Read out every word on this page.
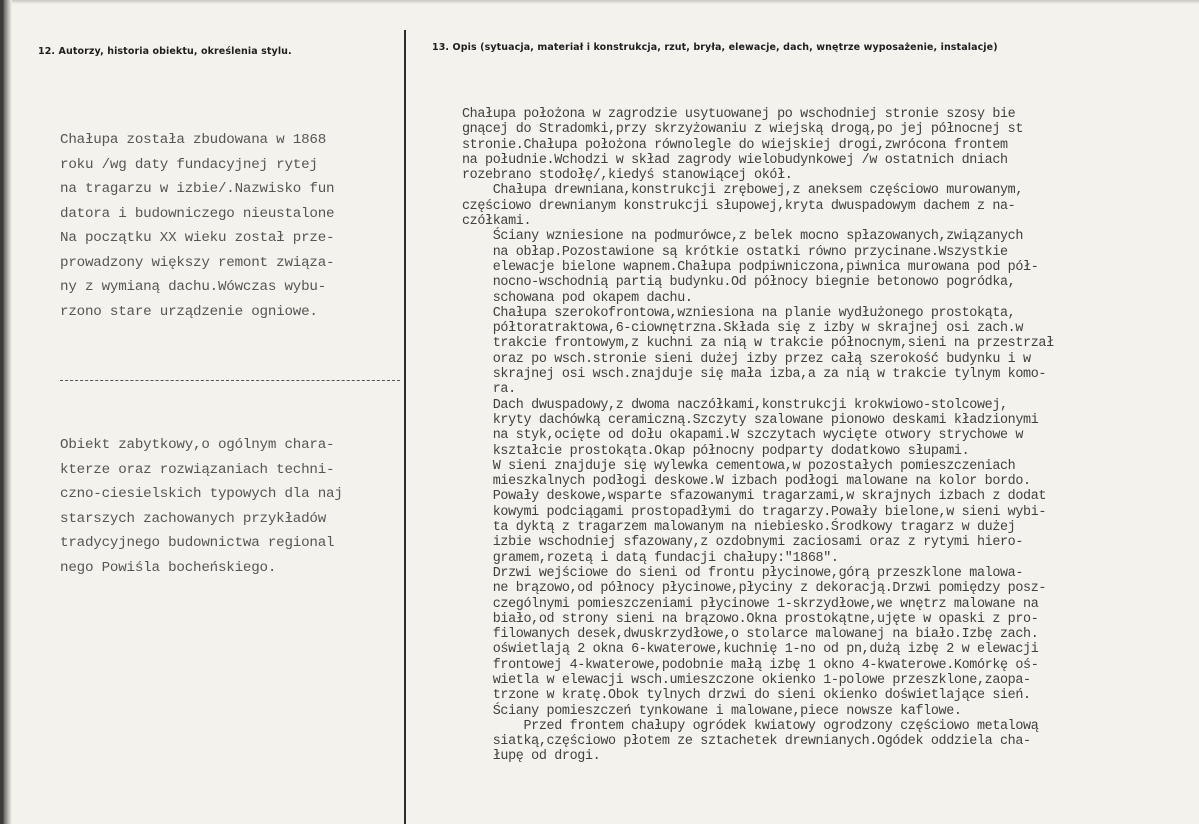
12. Autorzy, historia obiektu, określenia stylu.	13. Opis (sytuacja, materiał i konstrukcja, rzut, bryła, elewacje, dach, wnętrze wyposażenie, instalacje)
Chałupa została zbudowana w 1868
roku /wg daty fundacyjnej rytej
na tragarzu w izbie/.Nazwisko fun
datora i budowniczego nieustalone
Na początku XX wieku został prze-
prowadzony większy remont związa-
ny z wymianą dachu.Wówczas wybu-
rzono stare urządzenie ogniowe.
Obiekt zabytkowy,o ogólnym chara-
kterze oraz rozwiązaniach techni-
czno-ciesielskich typowych dla naj
starszych zachowanych przykładów
tradycyjnego budownictwa regional
nego Powiśla bocheńskiego.
Chałupa położona w zagrodzie usytuowanej po wschodniej stronie szosy bie
gnącej do Stradomki,przy skrzyżowaniu z wiejską drogą,po jej północnej st
stronie.Chałupa położona równolegle do wiejskiej drogi,zwrócona frontem
na południe.Wchodzi w skład zagrody wielobudynkowej /w ostatnich dniach
rozebrano stodołę/,kiedyś stanowiącej okół.
Chałupa drewniana,konstrukcji zrębowej,z aneksem częściowo murowanym,
częściowo drewnianym konstrukcji słupowej,kryta dwuspadowym dachem z na-
czółkami.
Ściany wzniesione na podmurówce,z belek mocno spłazowanych,związanych
na obłap.Pozostawione są krótkie ostatki równo przycinane.Wszystkie
elewacje bielone wapnem.Chałupa podpiwniczona,piwnica murowana pod pół-
nocno-wschodnią partią budynku.Od północy biegnie betonowo pogródka,
schowana pod okapem dachu.
Chałupa szerokofrontowa,wzniesiona na planie wydłużonego prostokąta,
półtoratraktowa,6-ciownętrzna.Składa się z izby w skrajnej osi zach.w
trakcie frontowym,z kuchni za nią w trakcie północnym,sieni na przestrzał
oraz po wsch.stronie sieni dużej izby przez całą szerokość budynku i w
skrajnej osi wsch.znajduje się mała izba,a za nią w trakcie tylnym komo-
ra.
Dach dwuspadowy,z dwoma naczółkami,konstrukcji krokwiowo-stolcowej,
kryty dachówką ceramiczną.Szczyty szalowane pionowo deskami kładzionymi
na styk,ocięte od dołu okapami.W szczytach wycięte otwory strychowe w
kształcie prostokąta.Okap północny podparty dodatkowo słupami.
W sieni znajduje się wylewka cementowa,w pozostałych pomieszczeniach
mieszkalnych podłogi deskowe.W izbach podłogi malowane na kolor bordo.
Powały deskowe,wsparte sfazowanymi tragarzami,w skrajnych izbach z dodat
kowymi podciągami prostopadłymi do tragarzy.Powały bielone,w sieni wybi-
ta dyktą z tragarzem malowanym na niebiesko.Środkowy tragarz w dużej
izbie wschodniej sfazowany,z ozdobnymi zaciosami oraz z rytymi hiero-
gramem,rozetą i datą fundacji chałupy:"1868".
Drzwi wejściowe do sieni od frontu płycinowe,górą przeszklone malowa-
ne brązowo,od północy płycinowe,płyciny z dekoracją.Drzwi pomiędzy posz-
czególnymi pomieszczeniami płycinowe 1-skrzydłowe,we wnętrz malowane na
biało,od strony sieni na brązowo.Okna prostokątne,ujęte w opaski z pro-
filowanych desek,dwuskrzydłowe,o stolarce malowanej na biało.Izbę zach.
oświetlają 2 okna 6-kwaterowe,kuchnię 1-no od pn,dużą izbę 2 w elewacji
frontowej 4-kwaterowe,podobnie małą izbę 1 okno 4-kwaterowe.Komórkę oś-
wietla w elewacji wsch.umieszczone okienko 1-polowe przeszklone,zaopa-
trzone w kratę.Obok tylnych drzwi do sieni okienko doświetlające sień.
Ściany pomieszczeń tynkowane i malowane,piece nowsze kaflowe.
Przed frontem chałupy ogródek kwiatowy ogrodzony częściowo metalową
siatką,częściowo płotem ze sztachetek drewnianych.Ogódek oddziela cha-
łupę od drogi.
